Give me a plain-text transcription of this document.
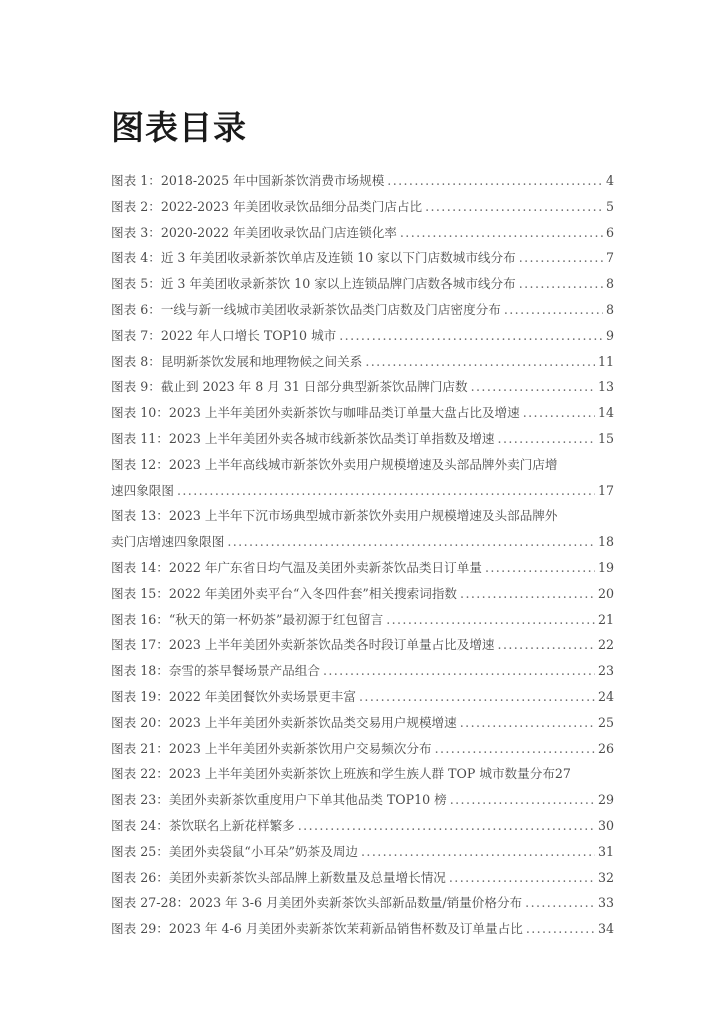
图表目录
图表 1： 2018-2025 年中国新茶饮消费市场规模 . . .	4
图表 2： 2022-2023 年美团收录饮品细分品类门店占比 . . .	5
图表 3： 2020-2022 年美团收录饮品门店连锁化率 . . .	6
图表 4： 近 3 年美团收录新茶饮单店及连锁 10 家以下门店数城市线分布 . . .	7
图表 5： 近 3 年美团收录新茶饮 10 家以上连锁品牌门店数各城市线分布 . . .	8
图表 6： 一线与新一线城市美团收录新茶饮品类门店数及门店密度分布 . . .	8
图表 7： 2022 年人口增长 TOP10 城市 . . .	9
图表 8： 昆明新茶饮发展和地理物候之间关系 . . .	11
图表 9： 截止到 2023 年 8 月 31 日部分典型新茶饮品牌门店数 . . .	13
图表 10： 2023 上半年美团外卖新茶饮与咖啡品类订单量大盘占比及增速 . . .	14
图表 11： 2023 上半年美团外卖各城市线新茶饮品类订单指数及增速 . . .	15
图表 12：2023 上半年高线城市新茶饮外卖用户规模增速及头部品牌外卖门店增
速四象限图 . . .	17
图表 13：2023 上半年下沉市场典型城市新茶饮外卖用户规模增速及头部品牌外
卖门店增速四象限图 . . .	18
图表 14： 2022 年广东省日均气温及美团外卖新茶饮品类日订单量 . . .	19
图表 15： 2022 年美团外卖平台“入冬四件套”相关搜索词指数 . . .	20
图表 16： “秋天的第一杯奶茶”最初源于红包留言 . . .	21
图表 17： 2023 上半年美团外卖新茶饮品类各时段订单量占比及增速 . . .	22
图表 18： 奈雪的茶早餐场景产品组合 . . .	23
图表 19： 2022 年美团餐饮外卖场景更丰富 . . .	24
图表 20： 2023 上半年美团外卖新茶饮品类交易用户规模增速 . . .	25
图表 21： 2023 上半年美团外卖新茶饮用户交易频次分布 . . .	26
图表 22： 2023 上半年美团外卖新茶饮上班族和学生族人群 TOP 城市数量分布 27
图表 23： 美团外卖新茶饮重度用户下单其他品类 TOP10 榜 . . .	29
图表 24： 茶饮联名上新花样繁多 . . .	30
图表 25： 美团外卖袋鼠“小耳朵”奶茶及周边 . . .	31
图表 26： 美团外卖新茶饮头部品牌上新数量及总量增长情况 . . .	32
图表 27-28： 2023 年 3-6 月美团外卖新茶饮头部新品数量/销量价格分布 . . .	33
图表 29： 2023 年 4-6 月美团外卖新茶饮茉莉新品销售杯数及订单量占比 . . .	34
